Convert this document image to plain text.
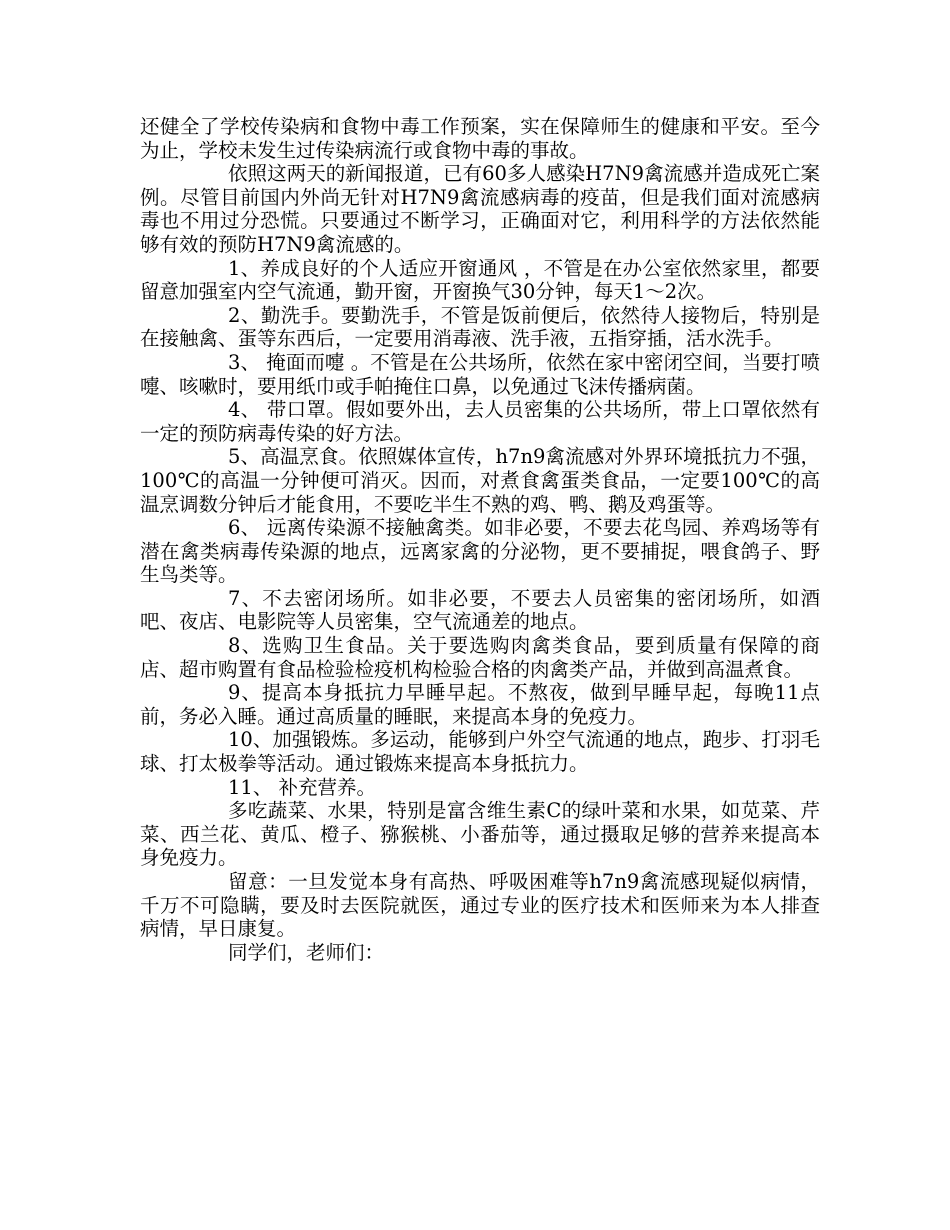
还健全了学校传染病和食物中毒工作预案，实在保障师生的健康和平安。至今为止，学校未发生过传染病流行或食物中毒的事故。

依照这两天的新闻报道，已有60多人感染H7N9禽流感并造成死亡案例。尽管目前国内外尚无针对H7N9禽流感病毒的疫苗，但是我们面对流感病毒也不用过分恐慌。只要通过不断学习，正确面对它，利用科学的方法依然能够有效的预防H7N9禽流感的。

1、养成良好的个人适应开窗通风 ，不管是在办公室依然家里，都要留意加强室内空气流通，勤开窗，开窗换气30分钟，每天1～2次。

2、勤洗手。要勤洗手，不管是饭前便后，依然待人接物后，特别是在接触禽、蛋等东西后，一定要用消毒液、洗手液，五指穿插，活水洗手。

3、 掩面而嚏 。不管是在公共场所，依然在家中密闭空间，当要打喷嚏、咳嗽时，要用纸巾或手帕掩住口鼻，以免通过飞沫传播病菌。

4、 带口罩。假如要外出，去人员密集的公共场所，带上口罩依然有一定的预防病毒传染的好方法。

5、高温烹食。依照媒体宣传，h7n9禽流感对外界环境抵抗力不强，100℃的高温一分钟便可消灭。因而，对煮食禽蛋类食品，一定要100℃的高温烹调数分钟后才能食用，不要吃半生不熟的鸡、鸭、鹅及鸡蛋等。

6、 远离传染源不接触禽类。如非必要，不要去花鸟园、养鸡场等有潜在禽类病毒传染源的地点，远离家禽的分泌物，更不要捕捉，喂食鸽子、野生鸟类等。

7、不去密闭场所。如非必要，不要去人员密集的密闭场所，如酒吧、夜店、电影院等人员密集，空气流通差的地点。

8、选购卫生食品。关于要选购肉禽类食品，要到质量有保障的商店、超市购置有食品检验检疫机构检验合格的肉禽类产品，并做到高温煮食。

9、提高本身抵抗力早睡早起。不熬夜，做到早睡早起，每晚11点前，务必入睡。通过高质量的睡眠，来提高本身的免疫力。

10、加强锻炼。多运动，能够到户外空气流通的地点，跑步、打羽毛球、打太极拳等活动。通过锻炼来提高本身抵抗力。

11、 补充营养。

多吃蔬菜、水果，特别是富含维生素C的绿叶菜和水果，如苋菜、芹菜、西兰花、黄瓜、橙子、猕猴桃、小番茄等，通过摄取足够的营养来提高本身免疫力。

留意：一旦发觉本身有高热、呼吸困难等h7n9禽流感现疑似病情，千万不可隐瞒，要及时去医院就医，通过专业的医疗技术和医师来为本人排查病情，早日康复。

同学们，老师们：
